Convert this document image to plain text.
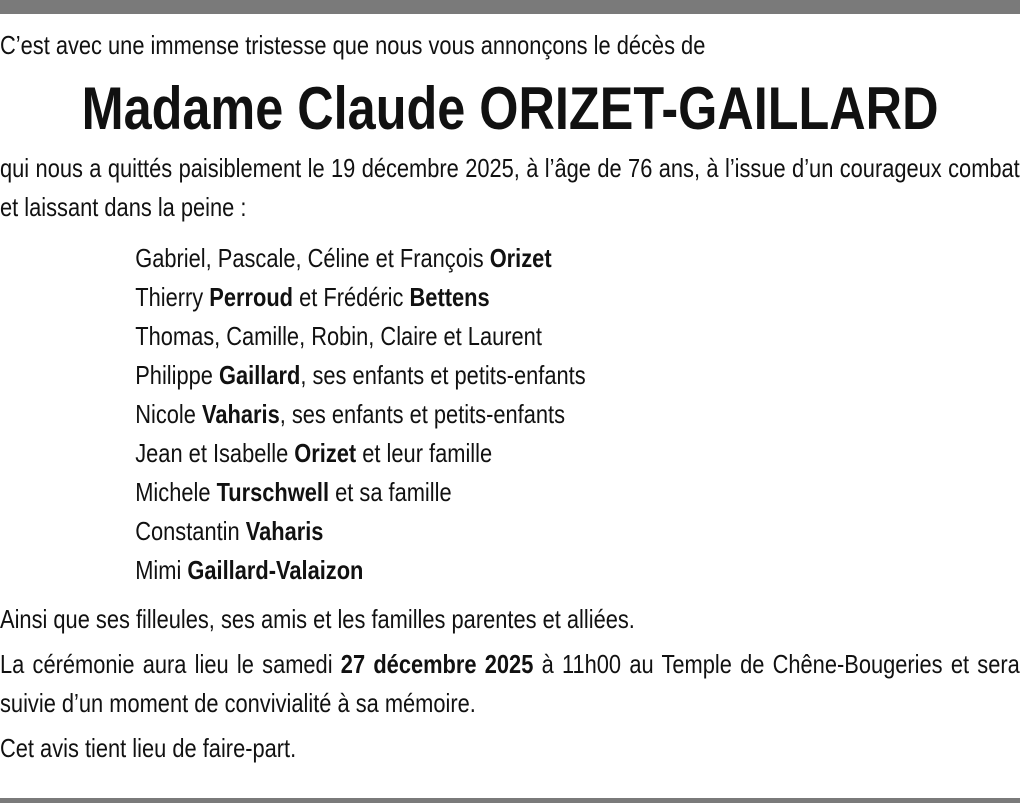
C’est avec une immense tristesse que nous vous annonçons le décès de
Madame Claude ORIZET-GAILLARD
qui nous a quittés paisiblement le 19 décembre 2025, à l’âge de 76 ans, à l’issue d’un courageux combat et laissant dans la peine :
Gabriel, Pascale, Céline et François Orizet
Thierry Perroud et Frédéric Bettens
Thomas, Camille, Robin, Claire et Laurent
Philippe Gaillard, ses enfants et petits-enfants
Nicole Vaharis, ses enfants et petits-enfants
Jean et Isabelle Orizet et leur famille
Michele Turschwell et sa famille
Constantin Vaharis
Mimi Gaillard-Valaizon
Ainsi que ses filleules, ses amis et les familles parentes et alliées.
La cérémonie aura lieu le samedi 27 décembre 2025 à 11h00 au Temple de Chêne-Bougeries et sera suivie d’un moment de convivialité à sa mémoire.
Cet avis tient lieu de faire-part.
